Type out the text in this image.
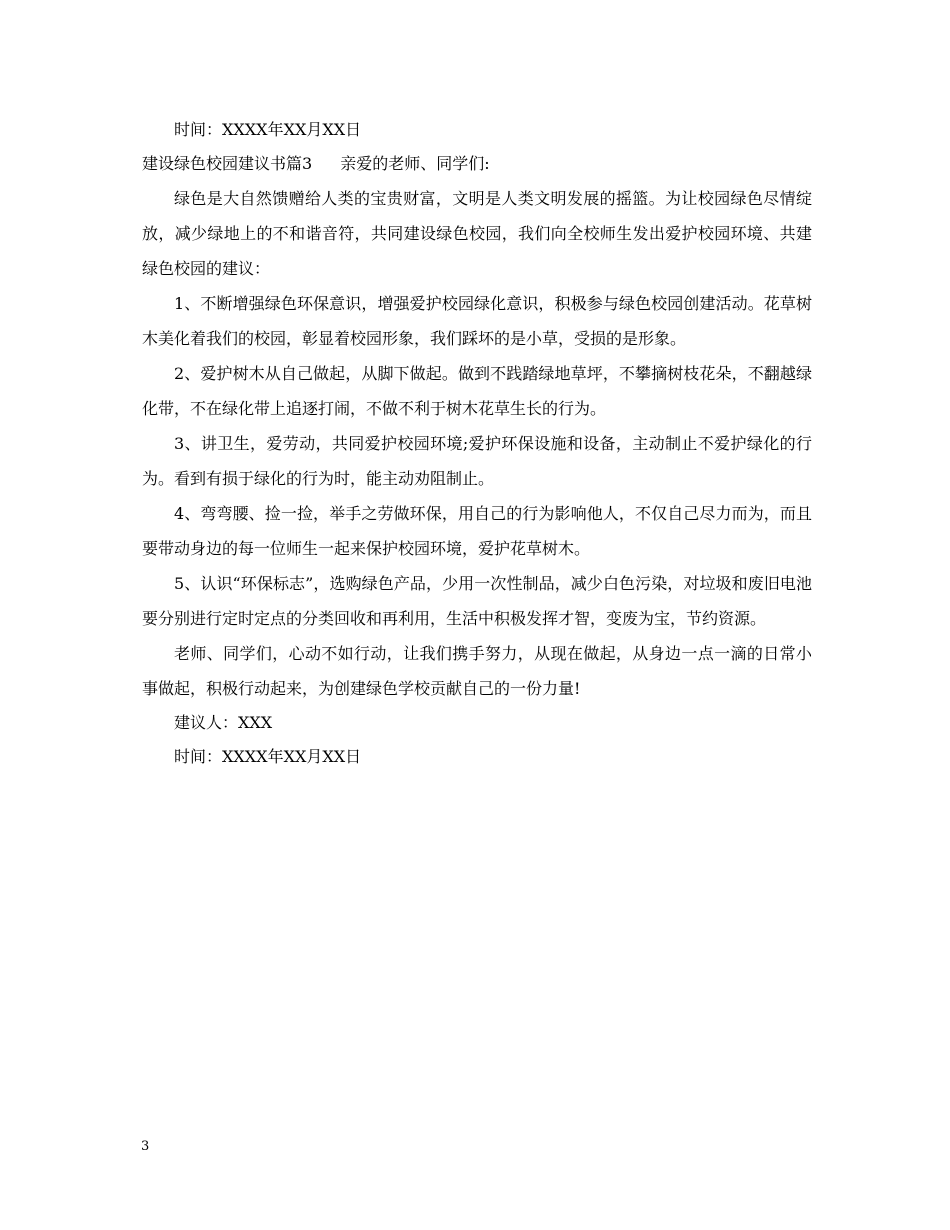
时间：XXXX年XX月XX日
建设绿色校园建议书篇3 亲爱的老师、同学们:

绿色是大自然馈赠给人类的宝贵财富，文明是人类文明发展的摇篮。为让校园绿色尽情绽放，减少绿地上的不和谐音符，共同建设绿色校园，我们向全校师生发出爱护校园环境、共建绿色校园的建议：

1、不断增强绿色环保意识，增强爱护校园绿化意识，积极参与绿色校园创建活动。花草树木美化着我们的校园，彰显着校园形象，我们踩坏的是小草，受损的是形象。

2、爱护树木从自己做起，从脚下做起。做到不践踏绿地草坪，不攀摘树枝花朵，不翻越绿化带，不在绿化带上追逐打闹，不做不利于树木花草生长的行为。

3、讲卫生，爱劳动，共同爱护校园环境;爱护环保设施和设备，主动制止不爱护绿化的行为。看到有损于绿化的行为时，能主动劝阻制止。

4、弯弯腰、捡一捡，举手之劳做环保，用自己的行为影响他人，不仅自己尽力而为，而且要带动身边的每一位师生一起来保护校园环境，爱护花草树木。

5、认识“环保标志”，选购绿色产品，少用一次性制品，减少白色污染，对垃圾和废旧电池要分别进行定时定点的分类回收和再利用，生活中积极发挥才智，变废为宝，节约资源。

老师、同学们，心动不如行动，让我们携手努力，从现在做起，从身边一点一滴的日常小事做起，积极行动起来，为创建绿色学校贡献自己的一份力量!

建议人：XXX
时间：XXXX年XX月XX日
3
